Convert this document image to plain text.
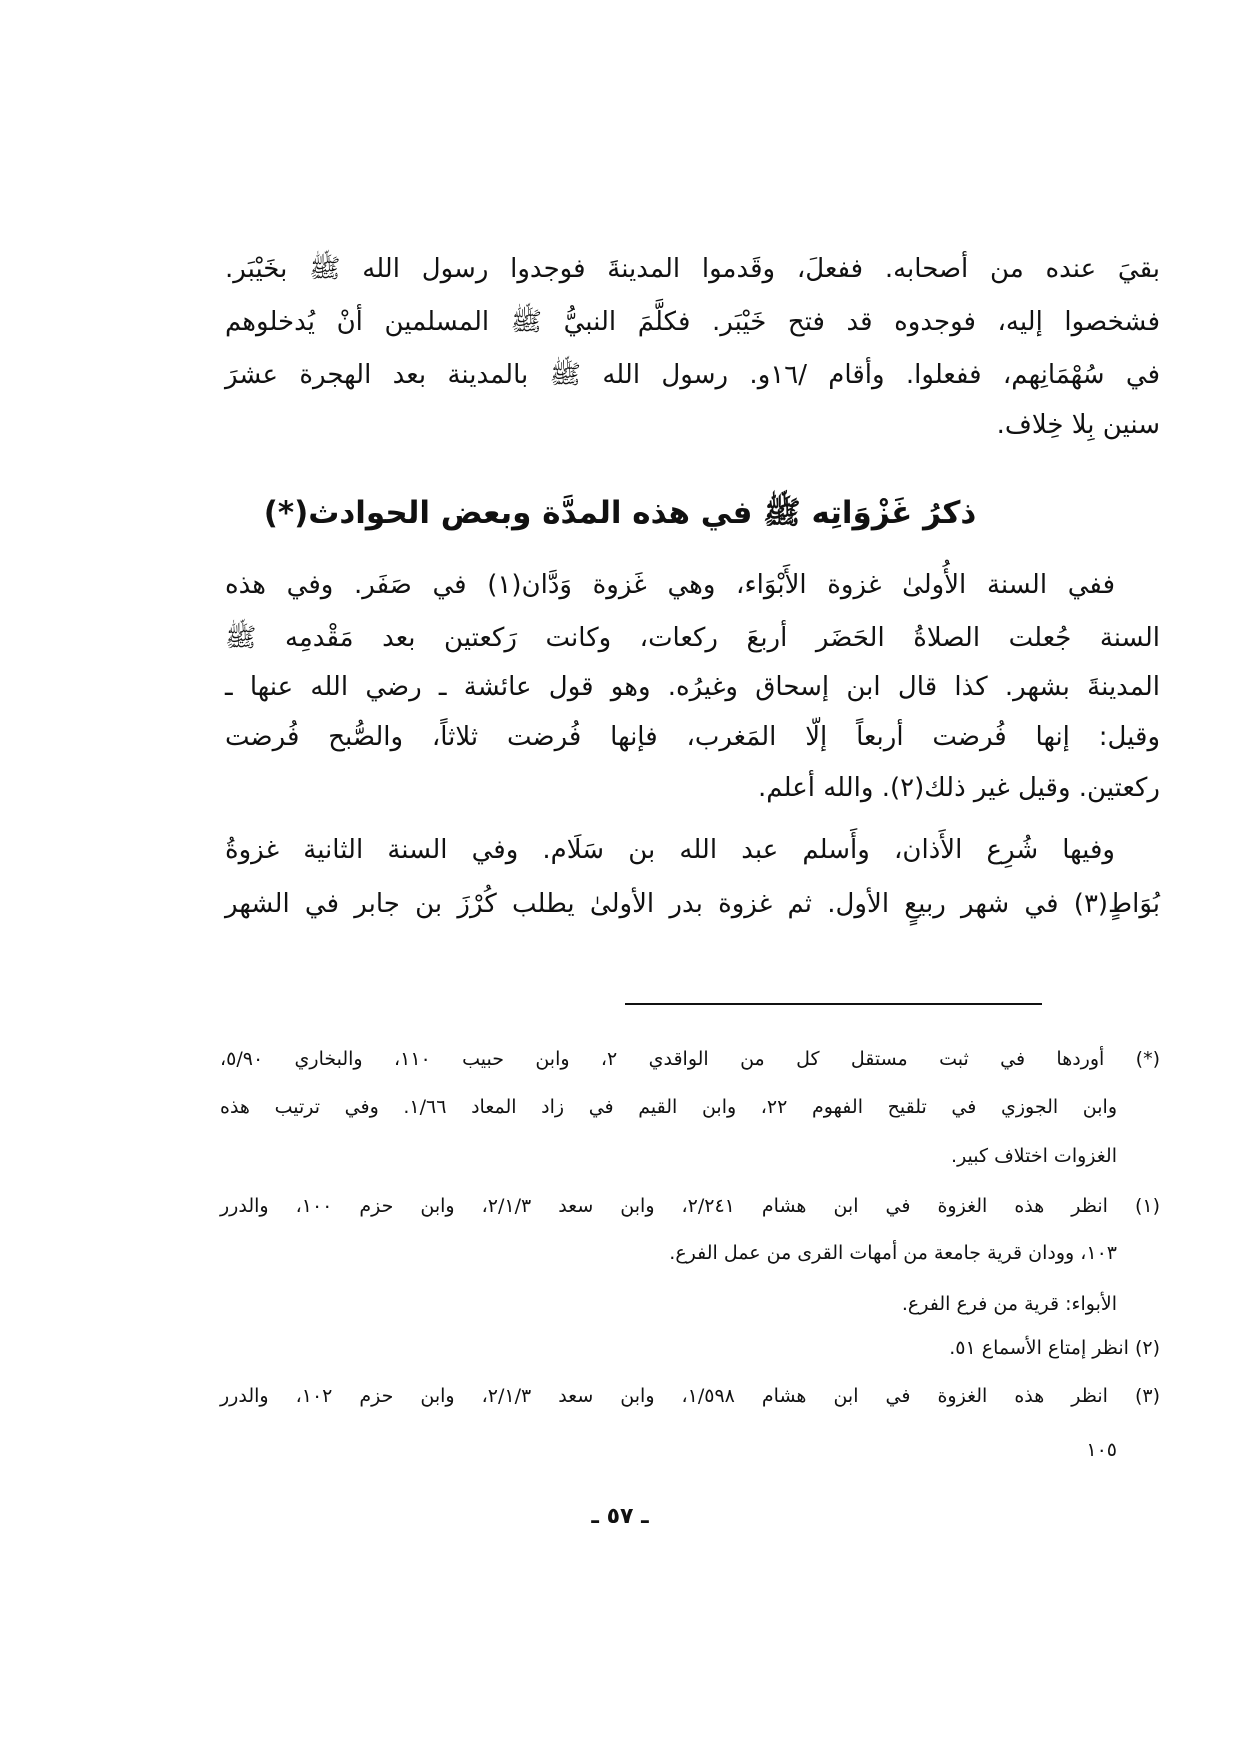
بقيَ عنده من أصحابه. ففعلَ، وقَدموا المدينةَ فوجدوا رسول الله ﷺ بخَيْبَر.
فشخصوا إليه، فوجدوه قد فتح خَيْبَر. فكلَّمَ النبيُّ ﷺ المسلمين أنْ يُدخلوهم
في سُهْمَانِهم، ففعلوا. وأقام /١٦و. رسول الله ﷺ بالمدينة بعد الهجرة عشرَ
سنين بِلا خِلاف.
ذكرُ غَزْوَاتِه ﷺ في هذه المدَّة وبعض الحوادث(*)
ففي السنة الأُولىٰ غزوة الأَبْوَاء، وهي غَزوة وَدَّان(١) في صَفَر. وفي هذه
السنة جُعلت الصلاةُ الحَضَر أربعَ ركعات، وكانت رَكعتين بعد مَقْدمِه ﷺ
المدينةَ بشهر. كذا قال ابن إسحاق وغيرُه. وهو قول عائشة ـ رضي الله عنها ـ
وقيل: إنها فُرضت أربعاً إلّا المَغرب، فإنها فُرضت ثلاثاً، والصُّبح فُرضت
ركعتين. وقيل غير ذلك(٢). والله أعلم.
وفيها شُرِع الأَذان، وأَسلم عبد الله بن سَلَام. وفي السنة الثانية غزوةُ
بُوَاطٍ(٣) في شهر ربيعٍ الأول. ثم غزوة بدر الأولىٰ يطلب كُرْزَ بن جابر في الشهر
(*) أوردها في ثبت مستقل كل من الواقدي ٢، وابن حبيب ١١٠، والبخاري ٥/٩٠،
وابن الجوزي في تلقيح الفهوم ٢٢، وابن القيم في زاد المعاد ١/٦٦. وفي ترتيب هذه
الغزوات اختلاف كبير.
(١) انظر هذه الغزوة في ابن هشام ٢/٢٤١، وابن سعد ٢/١/٣، وابن حزم ١٠٠، والدرر
١٠٣، وودان قرية جامعة من أمهات القرى من عمل الفرع.
الأبواء: قرية من فرع الفرع.
(٢) انظر إمتاع الأسماع ٥١.
(٣) انظر هذه الغزوة في ابن هشام ١/٥٩٨، وابن سعد ٢/١/٣، وابن حزم ١٠٢، والدرر
١٠٥
ـ ٥٧ ـ
